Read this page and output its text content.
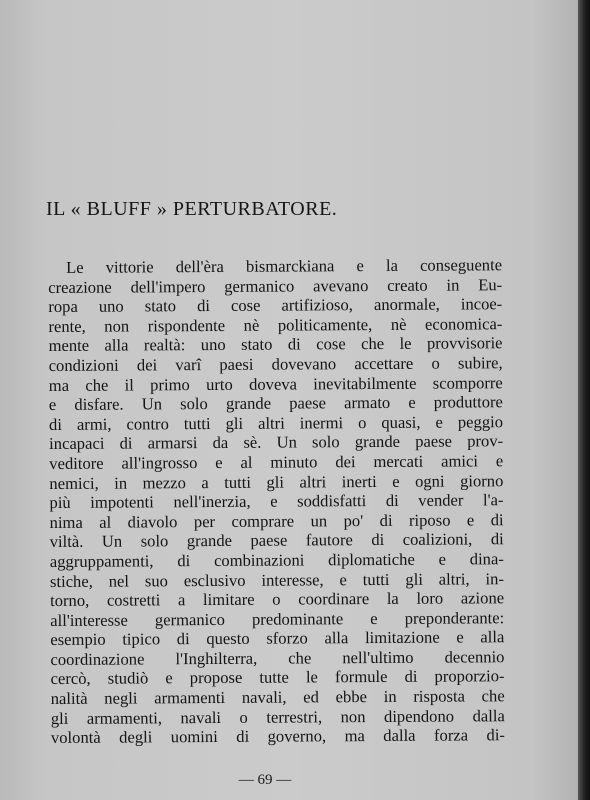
IL « BLUFF » PERTURBATORE.
Le vittorie dell'èra bismarckiana e la conseguente
creazione dell'impero germanico avevano creato in Eu-
ropa uno stato di cose artifizioso, anormale, incoe-
rente, non rispondente nè politicamente, nè economica-
mente alla realtà: uno stato di cose che le provvisorie
condizioni dei varî paesi dovevano accettare o subire,
ma che il primo urto doveva inevitabilmente scomporre
e disfare. Un solo grande paese armato e produttore
di armi, contro tutti gli altri inermi o quasi, e peggio
incapaci di armarsi da sè. Un solo grande paese prov-
veditore all'ingrosso e al minuto dei mercati amici e
nemici, in mezzo a tutti gli altri inerti e ogni giorno
più impotenti nell'inerzia, e soddisfatti di vender l'a-
nima al diavolo per comprare un po' di riposo e di
viltà. Un solo grande paese fautore di coalizioni, di
aggruppamenti, di combinazioni diplomatiche e dina-
stiche, nel suo esclusivo interesse, e tutti gli altri, in-
torno, costretti a limitare o coordinare la loro azione
all'interesse germanico predominante e preponderante:
esempio tipico di questo sforzo alla limitazione e alla
coordinazione l'Inghilterra, che nell'ultimo decennio
cercò, studiò e propose tutte le formule di proporzio-
nalità negli armamenti navali, ed ebbe in risposta che
gli armamenti, navali o terrestri, non dipendono dalla
volontà degli uomini di governo, ma dalla forza di-
— 69 —
